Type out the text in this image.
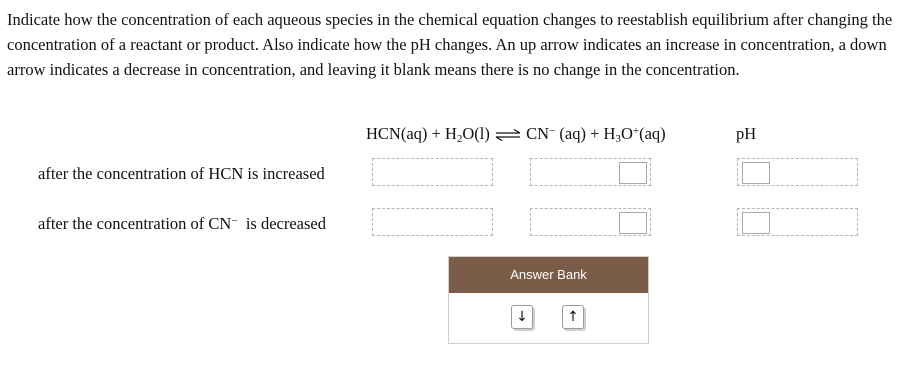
Indicate how the concentration of each aqueous species in the chemical equation changes to reestablish equilibrium after changing the concentration of a reactant or product. Also indicate how the pH changes. An up arrow indicates an increase in concentration, a down arrow indicates a decrease in concentration, and leaving it blank means there is no change in the concentration.

$HCN(aq) + H_2O(l)$ ⇌ CN− $(aq) + H_3O^+(aq)$	pH
after the concentration of HCN is increased
after the concentration of CN−  is decreased
Answer Bank
↓	↑
